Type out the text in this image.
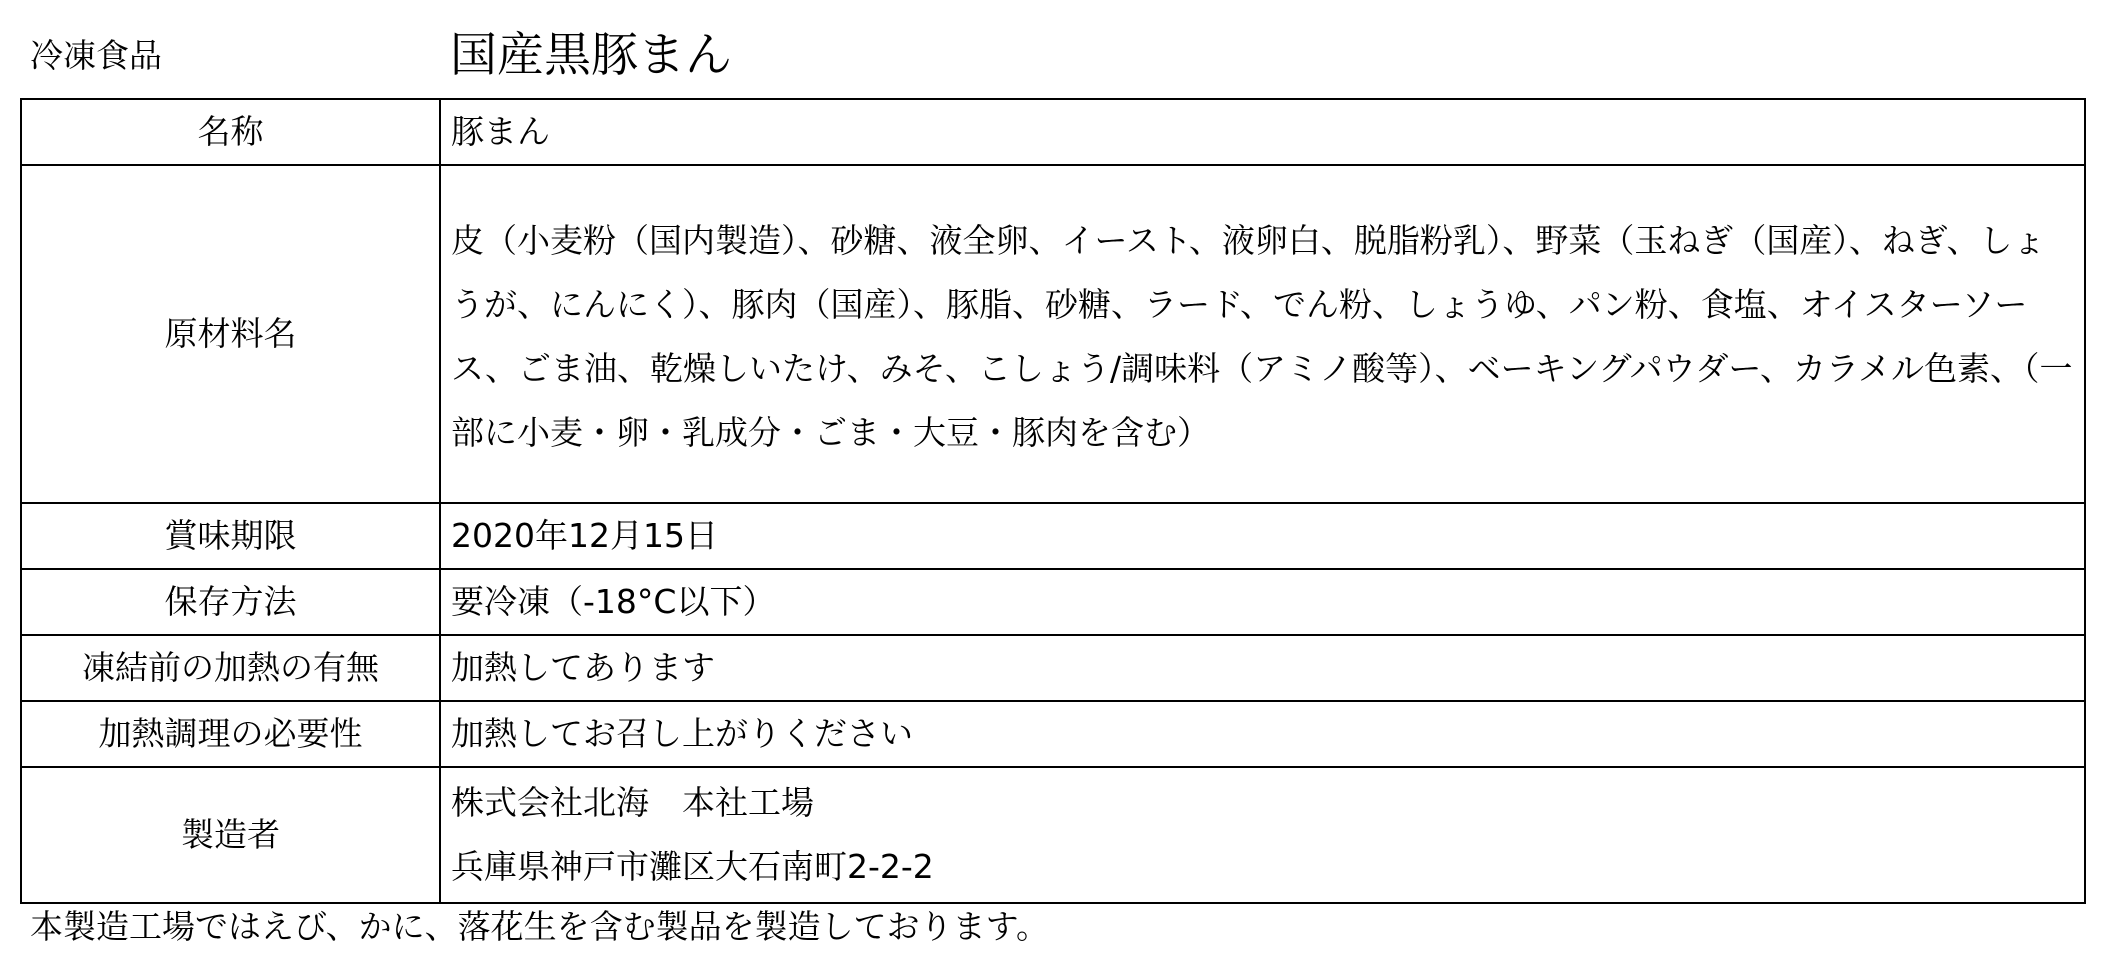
冷凍食品	国産黒豚まん
名称	豚まん
原材料名	皮（小麦粉（国内製造）、砂糖、液全卵、イースト、液卵白、脱脂粉乳）、野菜（玉ねぎ（国産）、ねぎ、しょうが、にんにく）、豚肉（国産）、豚脂、砂糖、ラード、でん粉、しょうゆ、パン粉、食塩、オイスターソース、ごま油、乾燥しいたけ、みそ、こしょう/調味料（アミノ酸等）、ベーキングパウダー、カラメル色素、（一部に小麦・卵・乳成分・ごま・大豆・豚肉を含む）

賞味期限	2020年12月15日
保存方法	要冷凍（-18°C以下）
凍結前の加熱の有無	加熱してあります
加熱調理の必要性	加熱してお召し上がりください
製造者	株式会社北海　本社工場
兵庫県神戸市灘区大石南町2-2-2
本製造工場ではえび、かに、落花生を含む製品を製造しております。
